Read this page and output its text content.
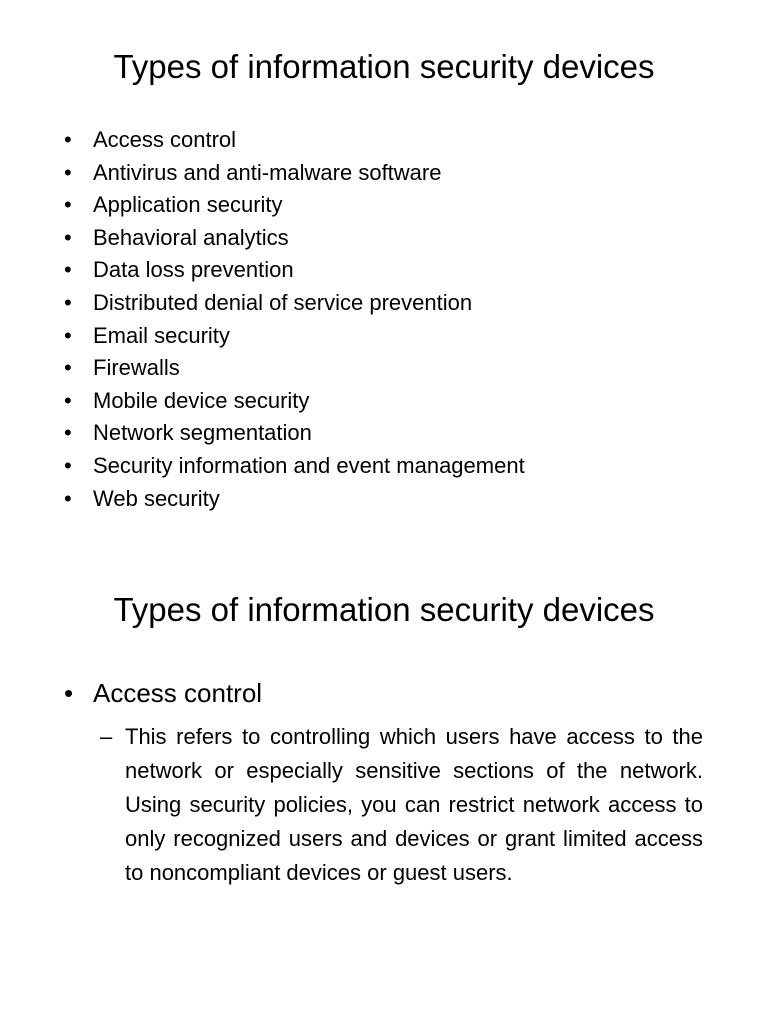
Types of information security devices
• Access control
• Antivirus and anti-malware software
• Application security
• Behavioral analytics
• Data loss prevention
• Distributed denial of service prevention
• Email security
• Firewalls
• Mobile device security
• Network segmentation
• Security information and event management
• Web security
Types of information security devices
• Access control
– This refers to controlling which users have access to the network or especially sensitive sections of the network. Using security policies, you can restrict network access to only recognized users and devices or grant limited access to noncompliant devices or guest users.
